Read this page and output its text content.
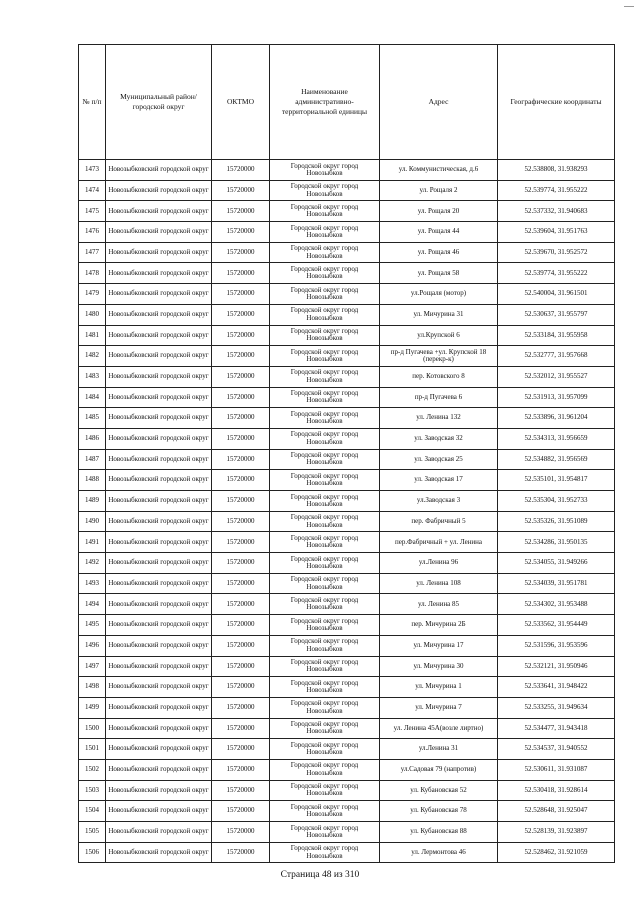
№ п/п	Муниципальный район/городской округ	ОКТМО	Наименование административно-территориальной единицы	Адрес	Географические координаты
1473	Новозыбковский городской округ	15720000	Городской округ город Новозыбков	ул. Коммунистическая, д.6	52.538808, 31.938293
1474	Новозыбковский городской округ	15720000	Городской округ город Новозыбков	ул. Рощаля 2	52.539774, 31.955222
1475	Новозыбковский городской округ	15720000	Городской округ город Новозыбков	ул. Рощаля 20	52.537332, 31.940683
1476	Новозыбковский городской округ	15720000	Городской округ город Новозыбков	ул. Рощаля 44	52.539604, 31.951763
1477	Новозыбковский городской округ	15720000	Городской округ город Новозыбков	ул. Рощаля 46	52.539670, 31.952572
1478	Новозыбковский городской округ	15720000	Городской округ город Новозыбков	ул. Рощаля 58	52.539774, 31.955222
1479	Новозыбковский городской округ	15720000	Городской округ город Новозыбков	ул.Рощаля (мотор)	52.540004, 31.961501
1480	Новозыбковский городской округ	15720000	Городской округ город Новозыбков	ул. Мичурина 31	52.530637, 31.955797
1481	Новозыбковский городской округ	15720000	Городской округ город Новозыбков	ул.Крупской 6	52.533184, 31.955958
1482	Новозыбковский городской округ	15720000	Городской округ город Новозыбков	пр-д Пугачева +ул. Крупской 18 (перекр-к)	52.532777, 31.957668
1483	Новозыбковский городской округ	15720000	Городской округ город Новозыбков	пер. Котовского 8	52.532012, 31.955527
1484	Новозыбковский городской округ	15720000	Городской округ город Новозыбков	пр-д Пугачева 6	52.531913, 31.957099
1485	Новозыбковский городской округ	15720000	Городской округ город Новозыбков	ул. Ленина 132	52.533896, 31.961204
1486	Новозыбковский городской округ	15720000	Городской округ город Новозыбков	ул. Заводская 32	52.534313, 31.956659
1487	Новозыбковский городской округ	15720000	Городской округ город Новозыбков	ул. Заводская 25	52.534882, 31.956569
1488	Новозыбковский городской округ	15720000	Городской округ город Новозыбков	ул. Заводская 17	52.535101, 31.954817
1489	Новозыбковский городской округ	15720000	Городской округ город Новозыбков	ул.Заводская 3	52.535304, 31.952733
1490	Новозыбковский городской округ	15720000	Городской округ город Новозыбков	пер. Фабричный 5	52.535326, 31.951089
1491	Новозыбковский городской округ	15720000	Городской округ город Новозыбков	пер.Фабричный + ул. Ленина	52.534286, 31.950135
1492	Новозыбковский городской округ	15720000	Городской округ город Новозыбков	ул.Ленина 96	52.534055, 31.949266
1493	Новозыбковский городской округ	15720000	Городской округ город Новозыбков	ул. Ленина 108	52.534039, 31.951781
1494	Новозыбковский городской округ	15720000	Городской округ город Новозыбков	ул. Ленина 85	52.534302, 31.953488
1495	Новозыбковский городской округ	15720000	Городской округ город Новозыбков	пер. Мичурина 2Б	52.533562, 31.954449
1496	Новозыбковский городской округ	15720000	Городской округ город Новозыбков	ул. Мичурина 17	52.531596, 31.953596
1497	Новозыбковский городской округ	15720000	Городской округ город Новозыбков	ул. Мичурина 30	52.532121, 31.950946
1498	Новозыбковский городской округ	15720000	Городской округ город Новозыбков	ул. Мичурина 1	52.533641, 31.948422
1499	Новозыбковский городской округ	15720000	Городской округ город Новозыбков	ул. Мичурина 7	52.533255, 31.949634
1500	Новозыбковский городской округ	15720000	Городской округ город Новозыбков	ул. Ленина 45А(возле лиртно)	52.534477, 31.943418
1501	Новозыбковский городской округ	15720000	Городской округ город Новозыбков	ул.Ленина 31	52.534537, 31.940552
1502	Новозыбковский городской округ	15720000	Городской округ город Новозыбков	ул.Садовая 79 (напротив)	52.530611, 31.931087
1503	Новозыбковский городской округ	15720000	Городской округ город Новозыбков	ул. Кубановская 52	52.530418, 31.928614
1504	Новозыбковский городской округ	15720000	Городской округ город Новозыбков	ул. Кубановская 78	52.528648, 31.925047
1505	Новозыбковский городской округ	15720000	Городской округ город Новозыбков	ул. Кубановская 88	52.528139, 31.923897
1506	Новозыбковский городской округ	15720000	Городской округ город Новозыбков	ул. Лермонтова 46	52.528462, 31.921059
Страница 48 из 310
